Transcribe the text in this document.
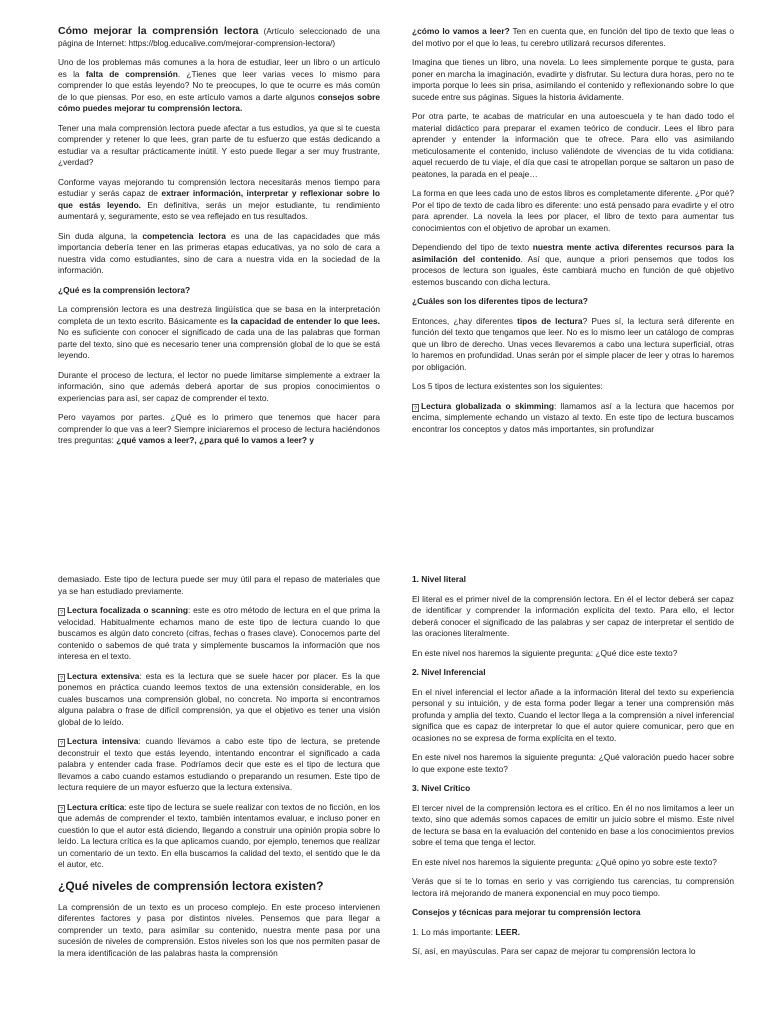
Cómo mejorar la comprensión lectora (Artículo seleccionado de una página de Internet: https://blog.educalive.com/mejorar-comprension-lectora/)

Uno de los problemas más comunes a la hora de estudiar, leer un libro o un artículo es la falta de comprensión. ¿Tienes que leer varias veces lo mismo para comprender lo que estás leyendo? No te preocupes, lo que te ocurre es más común de lo que piensas. Por eso, en este artículo vamos a darte algunos consejos sobre cómo puedes mejorar tu comprensión lectora.

Tener una mala comprensión lectora puede afectar a tus estudios, ya que si te cuesta comprender y retener lo que lees, gran parte de tu esfuerzo que estás dedicando a estudiar va a resultar prácticamente inútil. Y esto puede llegar a ser muy frustrante, ¿verdad?

Conforme vayas mejorando tu comprensión lectora necesitarás menos tiempo para estudiar y serás capaz de extraer información, interpretar y reflexionar sobre lo que estás leyendo. En definitiva, serás un mejor estudiante, tu rendimiento aumentará y, seguramente, esto se vea reflejado en tus resultados.

Sin duda alguna, la competencia lectora es una de las capacidades que más importancia debería tener en las primeras etapas educativas, ya no solo de cara a nuestra vida como estudiantes, sino de cara a nuestra vida en la sociedad de la información.

¿Qué es la comprensión lectora?

La comprensión lectora es una destreza lingüística que se basa en la interpretación completa de un texto escrito. Básicamente es la capacidad de entender lo que lees. No es suficiente con conocer el significado de cada una de las palabras que forman parte del texto, sino que es necesario tener una comprensión global de lo que se está leyendo.

Durante el proceso de lectura, el lector no puede limitarse simplemente a extraer la información, sino que además deberá aportar de sus propios conocimientos o experiencias para así, ser capaz de comprender el texto.

Pero vayamos por partes. ¿Qué es lo primero que tenemos que hacer para comprender lo que vas a leer? Siempre iniciaremos el proceso de lectura haciéndonos tres preguntas: ¿qué vamos a leer?, ¿para qué lo vamos a leer? y

¿cómo lo vamos a leer? Ten en cuenta que, en función del tipo de texto que leas o del motivo por el que lo leas, tu cerebro utilizará recursos diferentes.

Imagina que tienes un libro, una novela. Lo lees simplemente porque te gusta, para poner en marcha la imaginación, evadirte y disfrutar. Su lectura dura horas, pero no te importa porque lo lees sin prisa, asimilando el contenido y reflexionando sobre lo que sucede entre sus páginas. Sigues la historia ávidamente.

Por otra parte, te acabas de matricular en una autoescuela y te han dado todo el material didáctico para preparar el examen teórico de conducir. Lees el libro para aprender y entender la información que te ofrece. Para ello vas asimilando meticulosamente el contenido, incluso valiéndote de vivencias de tu vida cotidiana: aquel recuerdo de tu viaje, el día que casi te atropellan porque se saltaron un paso de peatones, la parada en el peaje…

La forma en que lees cada uno de estos libros es completamente diferente. ¿Por qué? Por el tipo de texto de cada libro es diferente: uno está pensado para evadirte y el otro para aprender. La novela la lees por placer, el libro de texto para aumentar tus conocimientos con el objetivo de aprobar un examen.

Dependiendo del tipo de texto nuestra mente activa diferentes recursos para la asimilación del contenido. Así que, aunque a priori pensemos que todos los procesos de lectura son iguales, éste cambiará mucho en función de qué objetivo estemos buscando con dicha lectura.

¿Cuáles son los diferentes tipos de lectura?

Entonces, ¿hay diferentes tipos de lectura? Pues sí, la lectura será diferente en función del texto que tengamos que leer. No es lo mismo leer un catálogo de compras que un libro de derecho. Unas veces llevaremos a cabo una lectura superficial, otras lo haremos en profundidad. Unas serán por el simple placer de leer y otras lo haremos por obligación.

Los 5 tipos de lectura existentes son los siguientes:

? Lectura globalizada o skimming: llamamos así a la lectura que hacemos por encima, simplemente echando un vistazo al texto. En este tipo de lectura buscamos encontrar los conceptos y datos más importantes, sin profundizar

demasiado. Este tipo de lectura puede ser muy útil para el repaso de materiales que ya se han estudiado previamente.

? Lectura focalizada o scanning: este es otro método de lectura en el que prima la velocidad. Habitualmente echamos mano de este tipo de lectura cuando lo que buscamos es algún dato concreto (cifras, fechas o frases clave). Conocemos parte del contenido o sabemos de qué trata y simplemente buscamos la información que nos interesa en el texto.

? Lectura extensiva: esta es la lectura que se suele hacer por placer. Es la que ponemos en práctica cuando leemos textos de una extensión considerable, en los cuales buscamos una comprensión global, no concreta. No importa si encontramos alguna palabra o frase de difícil comprensión, ya que el objetivo es tener una visión global de lo leído.

? Lectura intensiva: cuando llevamos a cabo este tipo de lectura, se pretende deconstruir el texto que estás leyendo, intentando encontrar el significado a cada palabra y entender cada frase. Podríamos decir que este es el tipo de lectura que llevamos a cabo cuando estamos estudiando o preparando un resumen. Este tipo de lectura requiere de un mayor esfuerzo que la lectura extensiva.

? Lectura crítica: este tipo de lectura se suele realizar con textos de no ficción, en los que además de comprender el texto, también intentamos evaluar, e incluso poner en cuestión lo que el autor está diciendo, llegando a construir una opinión propia sobre lo leído. La lectura crítica es la que aplicamos cuando, por ejemplo, tenemos que realizar un comentario de un texto. En ella buscamos la calidad del texto, el sentido que le da el autor, etc.

¿Qué niveles de comprensión lectora existen?

La comprensión de un texto es un proceso complejo. En este proceso intervienen diferentes factores y pasa por distintos niveles. Pensemos que para llegar a comprender un texto, para asimilar su contenido, nuestra mente pasa por una sucesión de niveles de comprensión. Estos niveles son los que nos permiten pasar de la mera identificación de las palabras hasta la comprensión

1. Nivel literal

El literal es el primer nivel de la comprensión lectora. En él el lector deberá ser capaz de identificar y comprender la información explícita del texto. Para ello, el lector deberá conocer el significado de las palabras y ser capaz de interpretar el sentido de las oraciones literalmente.

En este nivel nos haremos la siguiente pregunta: ¿Qué dice este texto?

2. Nivel Inferencial

En el nivel inferencial el lector añade a la información literal del texto su experiencia personal y su intuición, y de esta forma poder llegar a tener una comprensión más profunda y amplia del texto. Cuando el lector llega a la comprensión a nivel inferencial significa que es capaz de interpretar lo que el autor quiere comunicar, pero que en ocasiones no se expresa de forma explícita en el texto.

En este nivel nos haremos la siguiente pregunta: ¿Qué valoración puedo hacer sobre lo que expone este texto?

3. Nivel Crítico

El tercer nivel de la comprensión lectora es el crítico. En él no nos limitamos a leer un texto, sino que además somos capaces de emitir un juicio sobre el mismo. Este nivel de lectura se basa en la evaluación del contenido en base a los conocimientos previos sobre el tema que tenga el lector.

En este nivel nos haremos la siguiente pregunta: ¿Qué opino yo sobre este texto?

Verás que si te lo tomas en serio y vas corrigiendo tus carencias, tu comprensión lectora irá mejorando de manera exponencial en muy poco tiempo.

Consejos y técnicas para mejorar tu comprensión lectora

1. Lo más importante: LEER.

Sí, así, en mayúsculas. Para ser capaz de mejorar tu comprensión lectora lo
